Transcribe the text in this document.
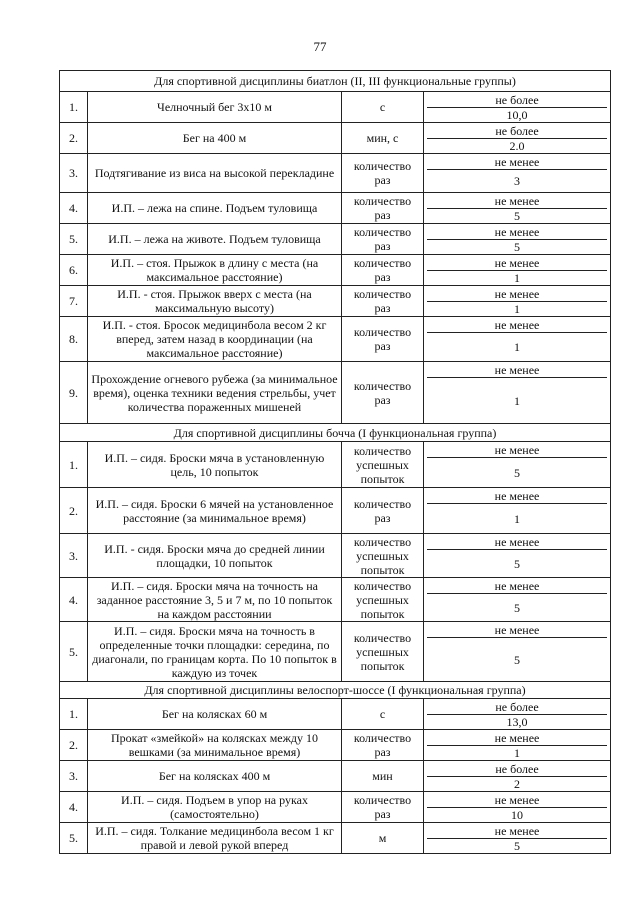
77
Для спортивной дисциплины биатлон (II, III функциональные группы)			
1.	Челночный бег 3х10 м	с	не более
10,0

2.	Бег на 400 м	мин, с	не более
2.0

3.	Подтягивание из виса на высокой перекладине	количество раз	не менее
3

4.	И.П. – лежа на спине. Подъем туловища	количество раз	не менее
5

5.	И.П. – лежа на животе. Подъем туловища	количество раз	не менее
5

6.	И.П. – стоя. Прыжок в длину с места (на максимальное расстояние)	количество раз	не менее
1

7.	И.П. - стоя. Прыжок вверх с места (на максимальную высоту)	количество раз	не менее
1

8.	И.П. - стоя. Бросок медицинбола весом 2 кг вперед, затем назад в координации (на максимальное расстояние)	количество раз	не менее
1

9.	Прохождение огневого рубежа (за минимальное время), оценка техники ведения стрельбы, учет количества пораженных мишеней	количество раз	не менее
1

Для спортивной дисциплины бочча (I функциональная группа)			
1.	И.П. – сидя. Броски мяча в установленную цель, 10 попыток	количество успешных попыток	не менее
5

2.	И.П. – сидя. Броски 6 мячей на установленное расстояние (за минимальное время)	количество раз	не менее
1

3.	И.П. - сидя. Броски мяча до средней линии площадки, 10 попыток	количество успешных попыток	не менее
5

4.	И.П. – сидя. Броски мяча на точность на заданное расстояние 3, 5 и 7 м, по 10 попыток на каждом расстоянии	количество успешных попыток	не менее
5

5.	И.П. – сидя. Броски мяча на точность в определенные точки площадки: середина, по диагонали, по границам корта. По 10 попыток в каждую из точек	количество успешных попыток	не менее
5

Для спортивной дисциплины велоспорт-шоссе (I функциональная группа)			
1.	Бег на колясках 60 м	с	не более
13,0

2.	Прокат «змейкой» на колясках между 10 вешками (за минимальное время)	количество раз	не менее
1

3.	Бег на колясках 400 м	мин	не более
2

4.	И.П. – сидя. Подъем в упор на руках (самостоятельно)	количество раз	не менее
10

5.	И.П. – сидя. Толкание медицинбола весом 1 кг правой и левой рукой вперед	м	не менее
5
